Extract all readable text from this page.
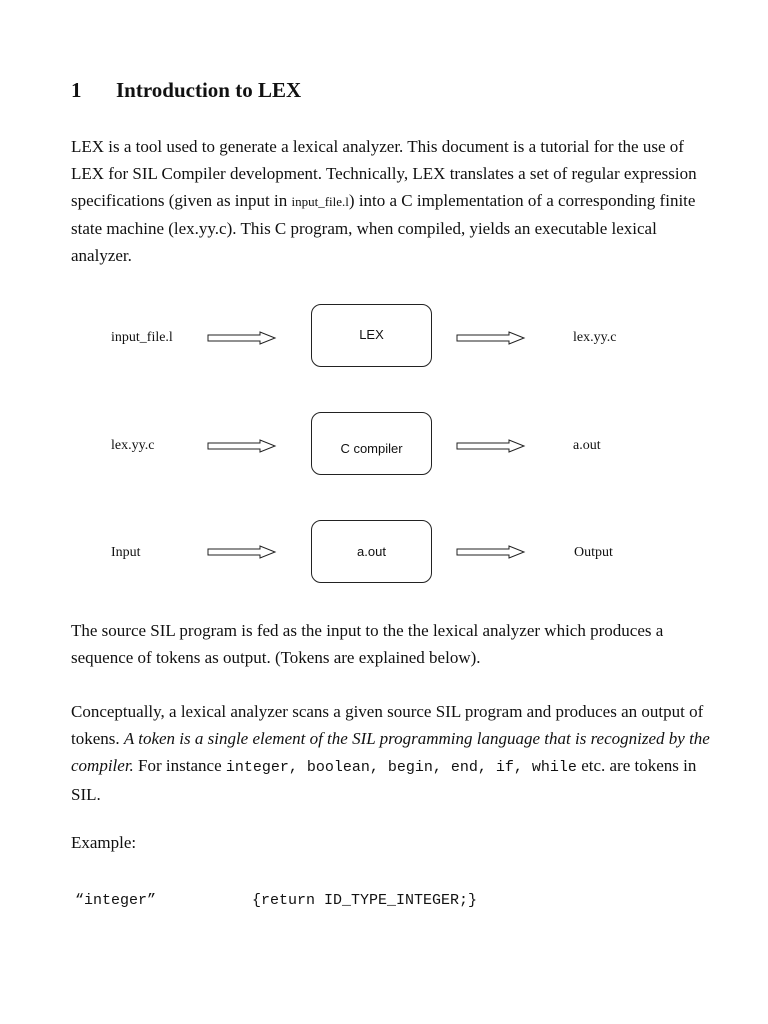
1 Introduction to LEX

LEX is a tool used to generate a lexical analyzer. This document is a tutorial for the use of LEX for SIL Compiler development. Technically, LEX translates a set of regular expression specifications (given as input in input_file.l) into a C implementation of a corresponding finite state machine (lex.yy.c). This C program, when compiled, yields an executable lexical analyzer.

input_file.l	LEX	lex.yy.c
lex.yy.c	C compiler	a.out
Input	a.out	Output

The source SIL program is fed as the input to the the lexical analyzer which produces a sequence of tokens as output. (Tokens are explained below).

Conceptually, a lexical analyzer scans a given source SIL program and produces an output of tokens. A token is a single element of the SIL programming language that is recognized by the compiler. For instance integer, boolean, begin, end, if, while etc. are tokens in SIL.

Example:
“integer”	{return ID_TYPE_INTEGER;}
